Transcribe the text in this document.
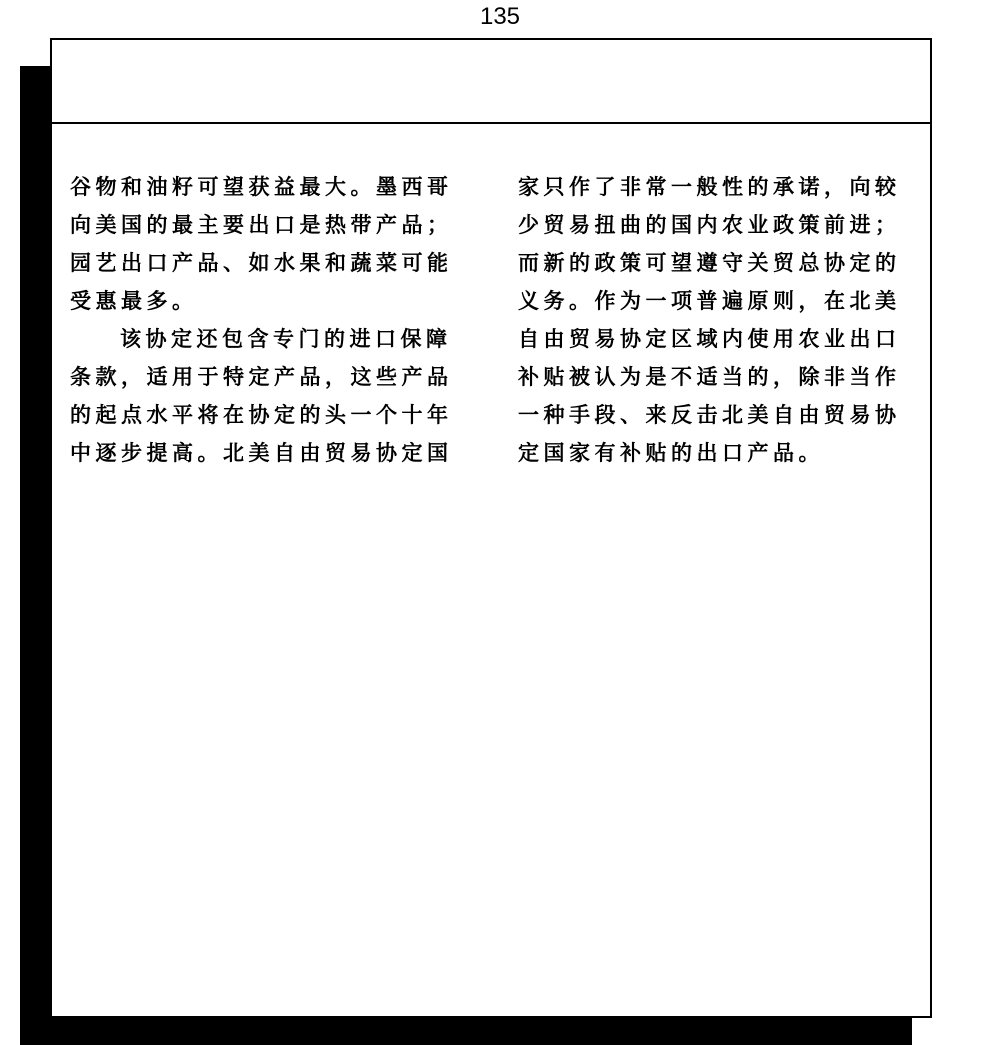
135

谷物和油籽可望获益最大。墨西哥向美国的最主要出口是热带产品；园艺出口产品、如水果和蔬菜可能受惠最多。

该协定还包含专门的进口保障条款，适用于特定产品，这些产品的起点水平将在协定的头一个十年中逐步提高。北美自由贸易协定国

家只作了非常一般性的承诺，向较少贸易扭曲的国内农业政策前进；而新的政策可望遵守关贸总协定的义务。作为一项普遍原则，在北美自由贸易协定区域内使用农业出口补贴被认为是不适当的，除非当作一种手段、来反击北美自由贸易协定国家有补贴的出口产品。
